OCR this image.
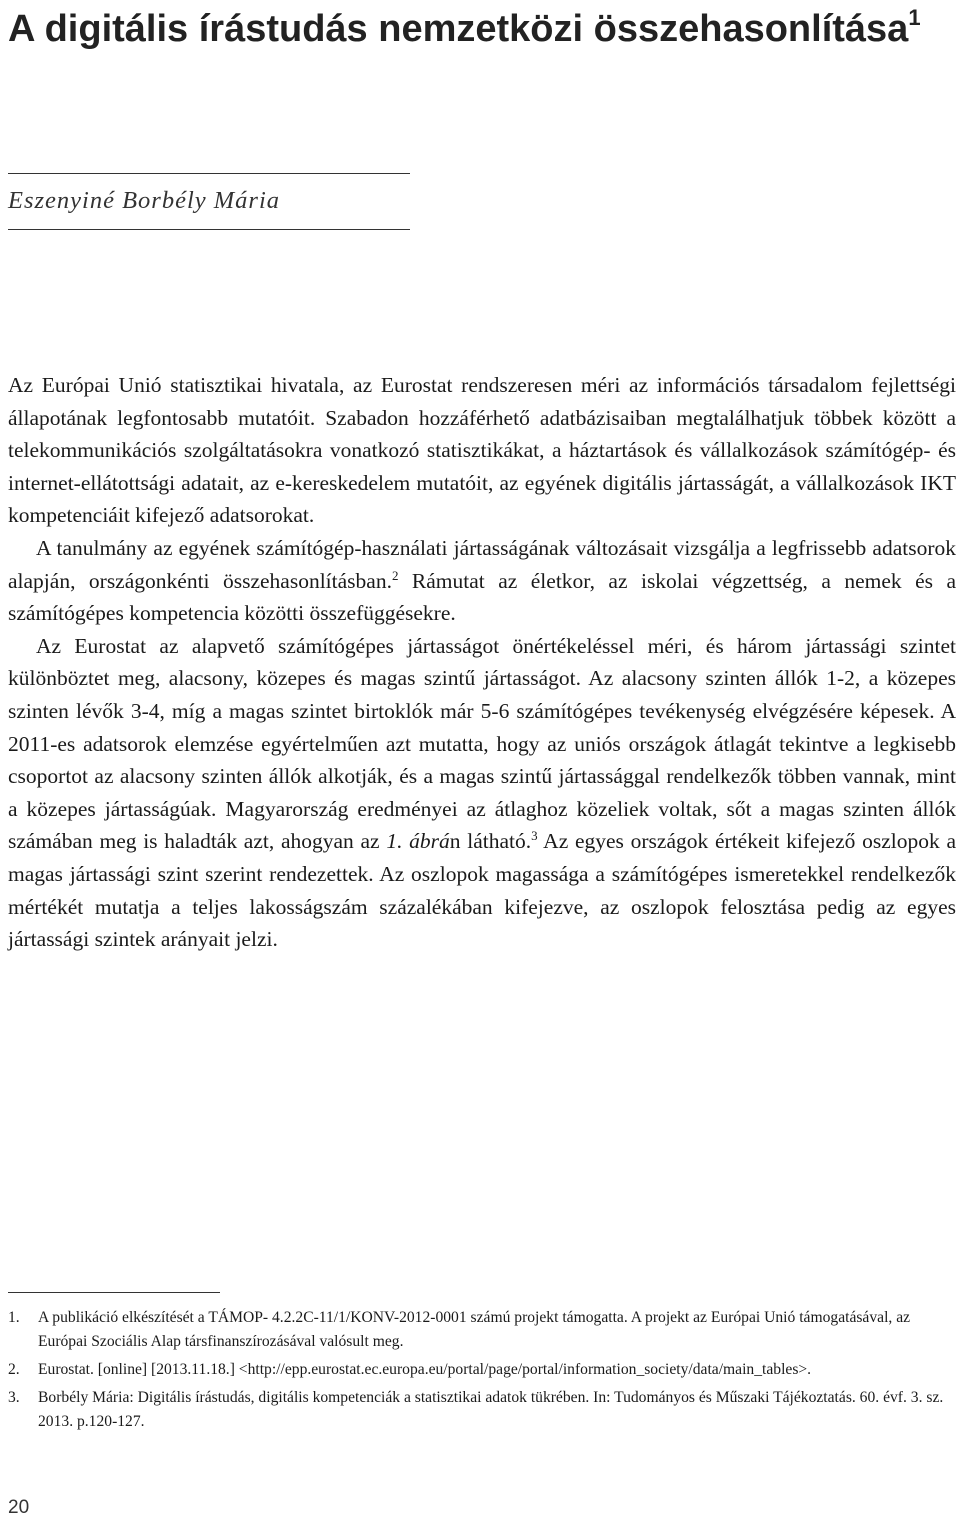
A digitális írástudás nemzetközi összehasonlítása$^1$
Eszenyiné Borbély Mária

Az Európai Unió statisztikai hivatala, az Eurostat rendszeresen méri az információs társadalom fejlettségi állapotának legfontosabb mutatóit. Szabadon hozzáférhető adatbázisaiban megtalálhatjuk többek között a telekommunikációs szolgáltatásokra vonatkozó statisztikákat, a háztartások és vállalkozások számítógép- és internet-ellátottsági adatait, az e-kereskedelem mutatóit, az egyének digitális jártasságát, a vállalkozások IKT kompetenciáit kifejező adatsorokat.

A tanulmány az egyének számítógép-használati jártasságának változásait vizsgálja a legfrissebb adatsorok alapján, országonkénti összehasonlításban.$^2$ Rámutat az életkor, az iskolai végzettség, a nemek és a számítógépes kompetencia közötti összefüggésekre.

Az Eurostat az alapvető számítógépes jártasságot önértékeléssel méri, és három jártassági szintet különböztet meg, alacsony, közepes és magas szintű jártasságot. Az alacsony szinten állók 1-2, a közepes szinten lévők 3-4, míg a magas szintet birtoklók már 5-6 számítógépes tevékenység elvégzésére képesek. A 2011-es adatsorok elemzése egyértelműen azt mutatta, hogy az uniós országok átlagát tekintve a legkisebb csoportot az alacsony szinten állók alkotják, és a magas szintű jártassággal rendelkezők többen vannak, mint a közepes jártasságúak. Magyarország eredményei az átlaghoz közeliek voltak, sőt a magas szinten állók számában meg is haladták azt, ahogyan az 1. ábrán látható.$^3$ Az egyes országok értékeit kifejező oszlopok a magas jártassági szint szerint rendezettek. Az oszlopok magassága a számítógépes ismeretekkel rendelkezők mértékét mutatja a teljes lakosságszám százalékában kifejezve, az oszlopok felosztása pedig az egyes jártassági szintek arányait jelzi.

1. A publikáció elkészítését a TÁMOP- 4.2.2C-11/1/KONV-2012-0001 számú projekt támogatta. A projekt az Európai Unió támogatásával, az Európai Szociális Alap társfinanszírozásával valósult meg.
2. Eurostat. [online] [2013.11.18.] <http://epp.eurostat.ec.europa.eu/portal/page/portal/information_society/data/main_tables>.
3. Borbély Mária: Digitális írástudás, digitális kompetenciák a statisztikai adatok tükrében. In: Tudományos és Műszaki Tájékoztatás. 60. évf. 3. sz. 2013. p.120-127.
20
